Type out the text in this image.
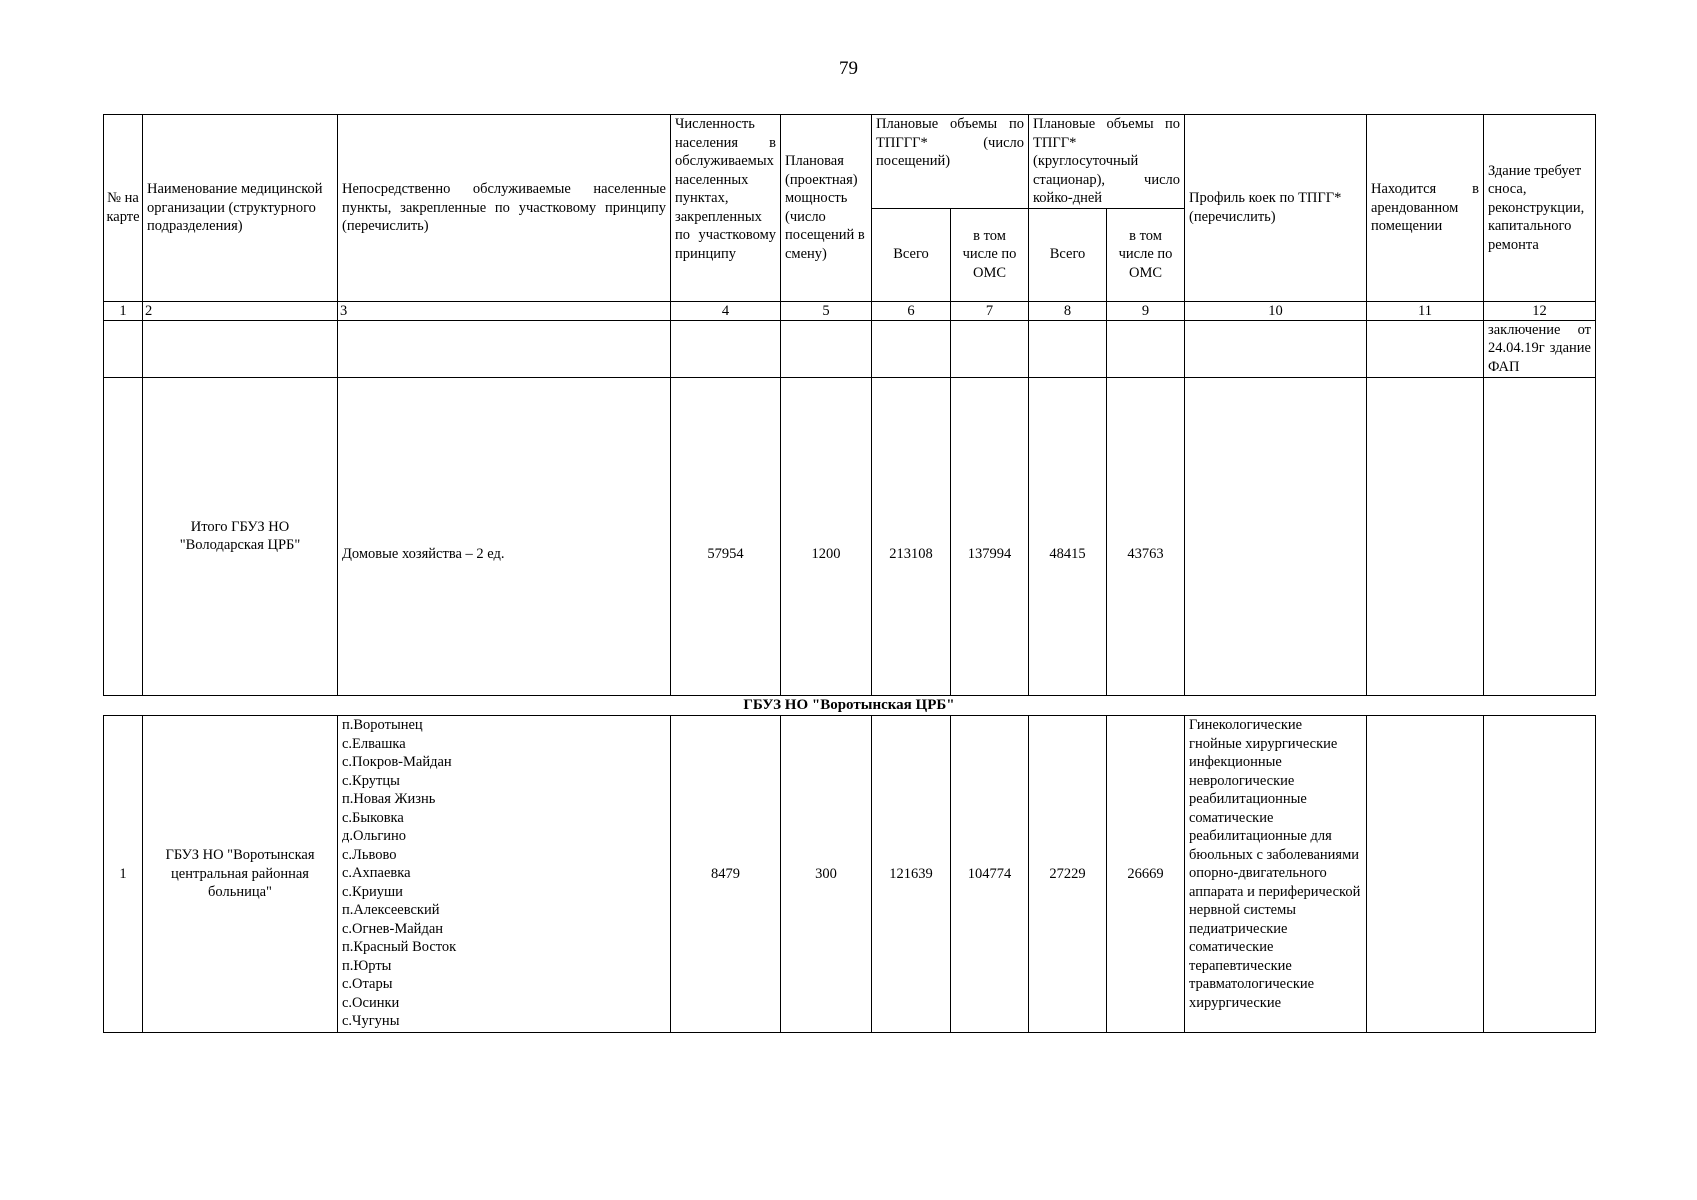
79
№ на карте	Наименование медицинской организации (структурного подразделения)	Непосредственно обслуживаемые населенные пункты, закрепленные по участковому принципу (перечислить)	Численность населения в обслуживаемых населенных пунктах, закрепленных по участковому принципу	Плановая (проектная) мощность (число посещений в смену)	Плановые объемы по ТПГГГ* (число посещений)		Плановые объемы по ТПГГ* (круглосуточный стационар), число койко-дней		Профиль коек по ТПГГ* (перечислить)	Находится в арендованном помещении	Здание требует сноса, реконструкции, капитального ремонта
					Всего	в том числе по ОМС	Всего	в том числе по ОМС			
1	2	3	4	5	6	7	8	9	10	11	12
											заключение от 24.04.19г здание ФАП
	Итого ГБУЗ НО "Володарская ЦРБ"	Домовые хозяйства – 2 ед.	57954	1200	213108	137994	48415	43763			
ГБУЗ НО "Воротынская ЦРБ"
1	ГБУЗ НО "Воротынская центральная районная больница"	п.Воротынец
с.Елвашка
с.Покров-Майдан
с.Крутцы
п.Новая Жизнь
с.Быковка
д.Ольгино
с.Львово
с.Ахпаевка
с.Криуши
п.Алексеевский
с.Огнев-Майдан
п.Красный Восток
п.Юрты
с.Отары
с.Осинки
с.Чугуны	8479	300	121639	104774	27229	26669	Гинекологические
гнойные хирургические
инфекционные
неврологические
реабилитационные
соматические
реабилитационные для бюольных с заболеваниями опорно-двигательного аппарата и периферической нервной системы
педиатрические
соматические
терапевтические
травматологические
хирургические		
